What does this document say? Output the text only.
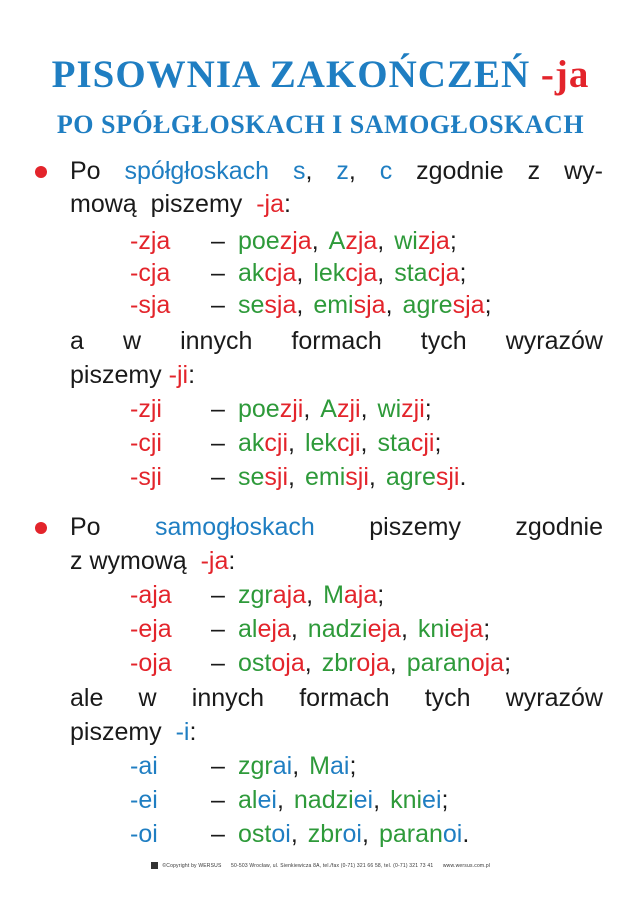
PISOWNIA ZAKOŃCZEŃ -ja
PO SPÓŁGŁOSKACH I SAMOGŁOSKACH
Po spółgłoskach s, z, c zgodnie z wy-
mową piszemy -ja:
-zja – poezja, Azja, wizja;
-cja – akcja, lekcja, stacja;
-sja – sesja, emisja, agresja;
a w innych formach tych wyrazów
piszemy -ji:
-zji – poezji, Azji, wizji;
-cji – akcji, lekcji, stacji;
-sji – sesji, emisji, agresji.
Po samogłoskach piszemy zgodnie
z wymową -ja:
-aja – zgraja, Maja;
-eja – aleja, nadzieja, knieja;
-oja – ostoja, zbroja, paranoja;
ale w innych formach tych wyrazów
piszemy -i:
-ai – zgrai, Mai;
-ei – alei, nadziei, kniei;
-oi – ostoi, zbroi, paranoi.
©Copyright by WERSUS 50-503 Wrocław, ul. Sienkiewicza 8A, tel./fax (0-71) 321 66 58, tel. (0-71) 321 73 41 www.wersus.com.pl
